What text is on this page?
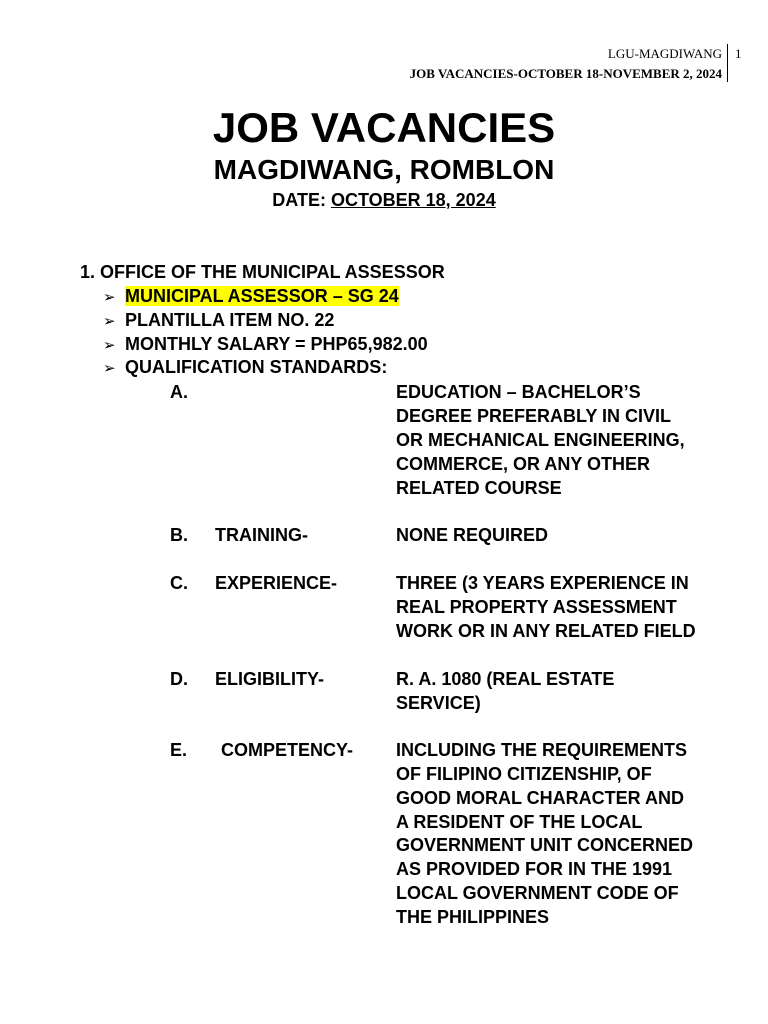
LGU-MAGDIWANG
JOB VACANCIES-OCTOBER 18-NOVEMBER 2, 2024
1
JOB VACANCIES
MAGDIWANG, ROMBLON
DATE: OCTOBER 18, 2024
1. OFFICE OF THE MUNICIPAL ASSESSOR
➢ MUNICIPAL ASSESSOR – SG 24
➢ PLANTILLA ITEM NO. 22
➢ MONTHLY SALARY = PHP65,982.00
➢ QUALIFICATION STANDARDS:
A.	EDUCATION – BACHELOR’S
DEGREE PREFERABLY IN CIVIL
OR MECHANICAL ENGINEERING,
COMMERCE, OR ANY OTHER
RELATED COURSE
B. TRAINING-	NONE REQUIRED
C. EXPERIENCE-	THREE (3 YEARS EXPERIENCE IN
REAL PROPERTY ASSESSMENT
WORK OR IN ANY RELATED FIELD
D. ELIGIBILITY-	R. A. 1080 (REAL ESTATE
SERVICE)
E. COMPETENCY- INCLUDING THE REQUIREMENTS
OF FILIPINO CITIZENSHIP, OF
GOOD MORAL CHARACTER AND
A RESIDENT OF THE LOCAL
GOVERNMENT UNIT CONCERNED
AS PROVIDED FOR IN THE 1991
LOCAL GOVERNMENT CODE OF
THE PHILIPPINES
